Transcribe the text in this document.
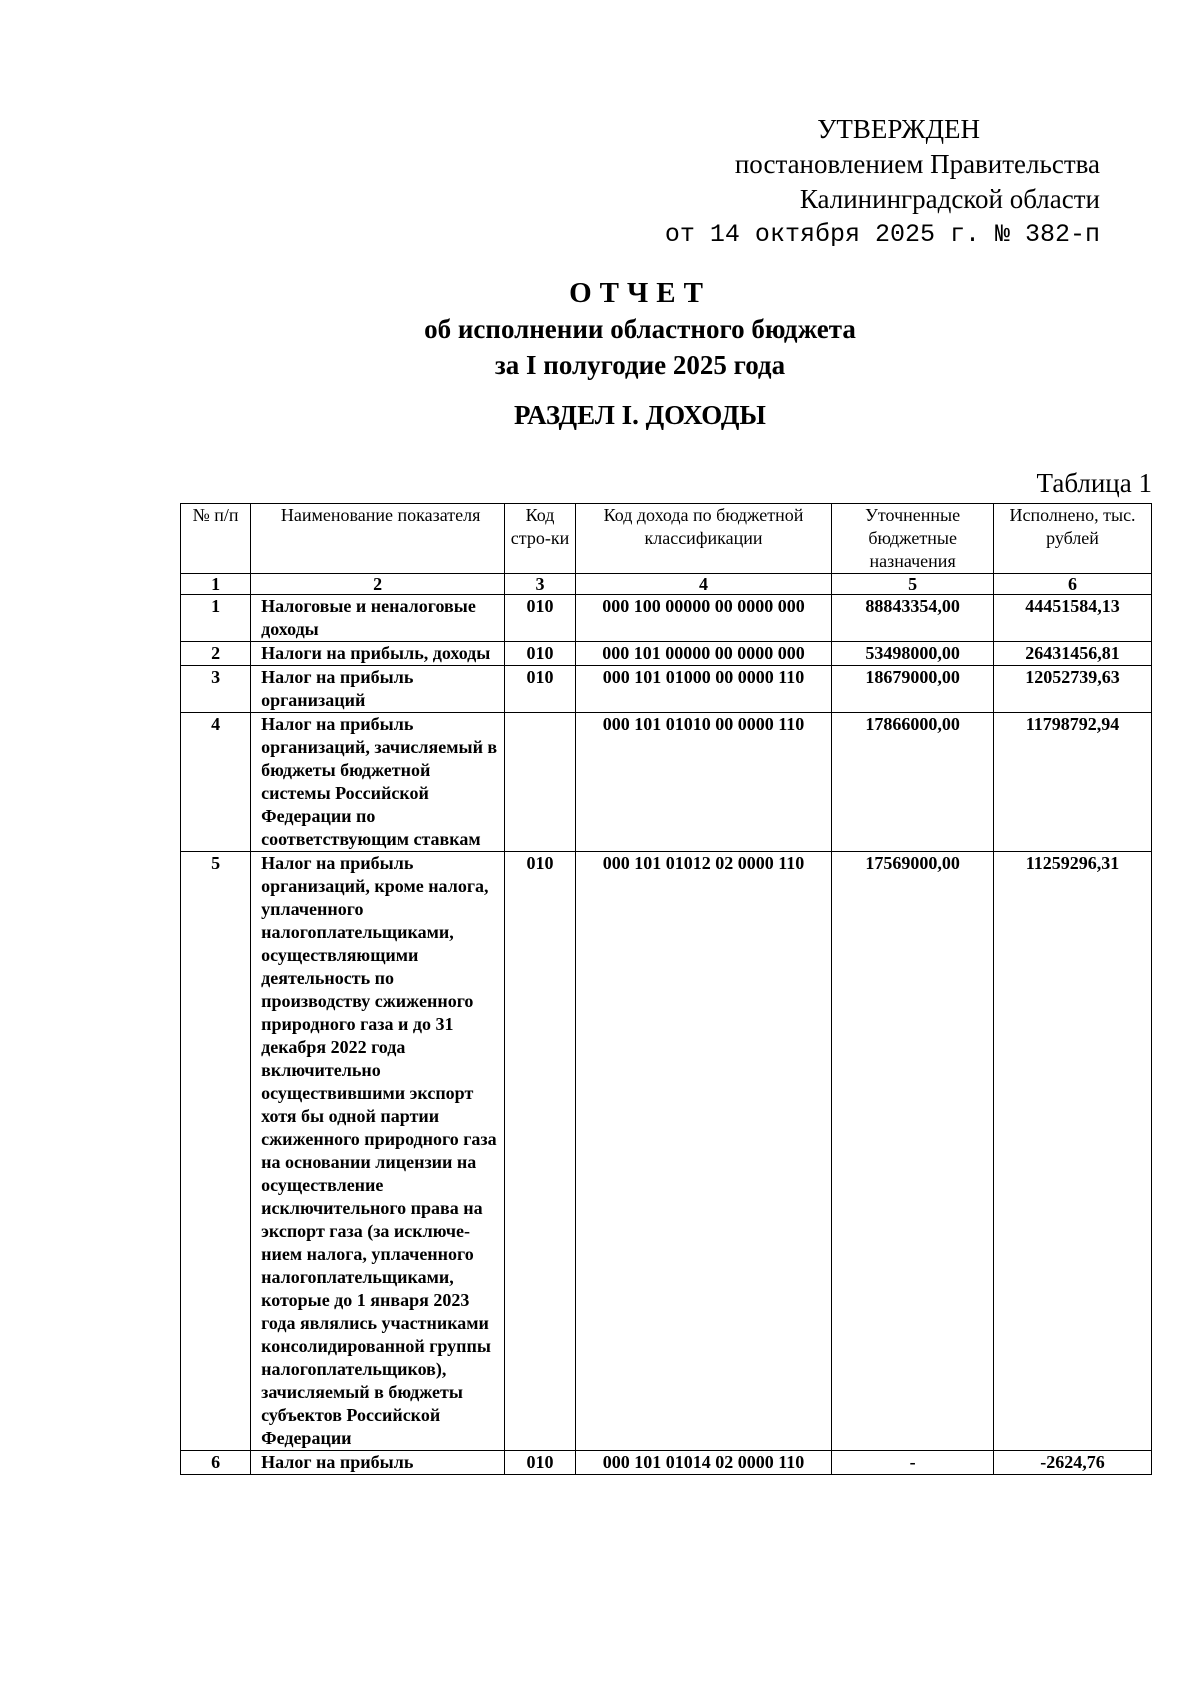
УТВЕРЖДЕН
постановлением Правительства
Калининградской области
от 14 октября 2025 г. № 382-п
ОТЧЕТ
об исполнении областного бюджета
за I полугодие 2025 года
РАЗДЕЛ I. ДОХОДЫ
Таблица 1
№ п/п	Наименование показателя	Код стро-ки	Код дохода по бюджетной классификации	Уточненные бюджетные назначения	Исполнено, тыс. рублей
1	2	3	4	5	6
1	Налоговые и неналоговые доходы	010	000 100 00000 00 0000 000	88843354,00	44451584,13
2	Налоги на прибыль, доходы	010	000 101 00000 00 0000 000	53498000,00	26431456,81
3	Налог на прибыль организаций	010	000 101 01000 00 0000 110	18679000,00	12052739,63
4	Налог на прибыль организаций, зачисляемый в бюджеты бюджетной системы Российской Федерации по соответствующим ставкам		000 101 01010 00 0000 110	17866000,00	11798792,94
5	Налог на прибыль организаций, кроме налога, уплаченного налогоплательщиками, осуществляющими деятельность по производству сжиженного природного газа и до 31 декабря 2022 года включительно осуществившими экспорт хотя бы одной партии сжиженного природного газа на основании лицензии на осуществление исключительного права на экспорт газа (за исключе-нием налога, уплаченного налогоплательщиками, которые до 1 января 2023 года являлись участниками консолидированной группы налогоплательщиков), зачисляемый в бюджеты субъектов Российской Федерации	010	000 101 01012 02 0000 110	17569000,00	11259296,31
6	Налог на прибыль	010	000 101 01014 02 0000 110	-	-2624,76
